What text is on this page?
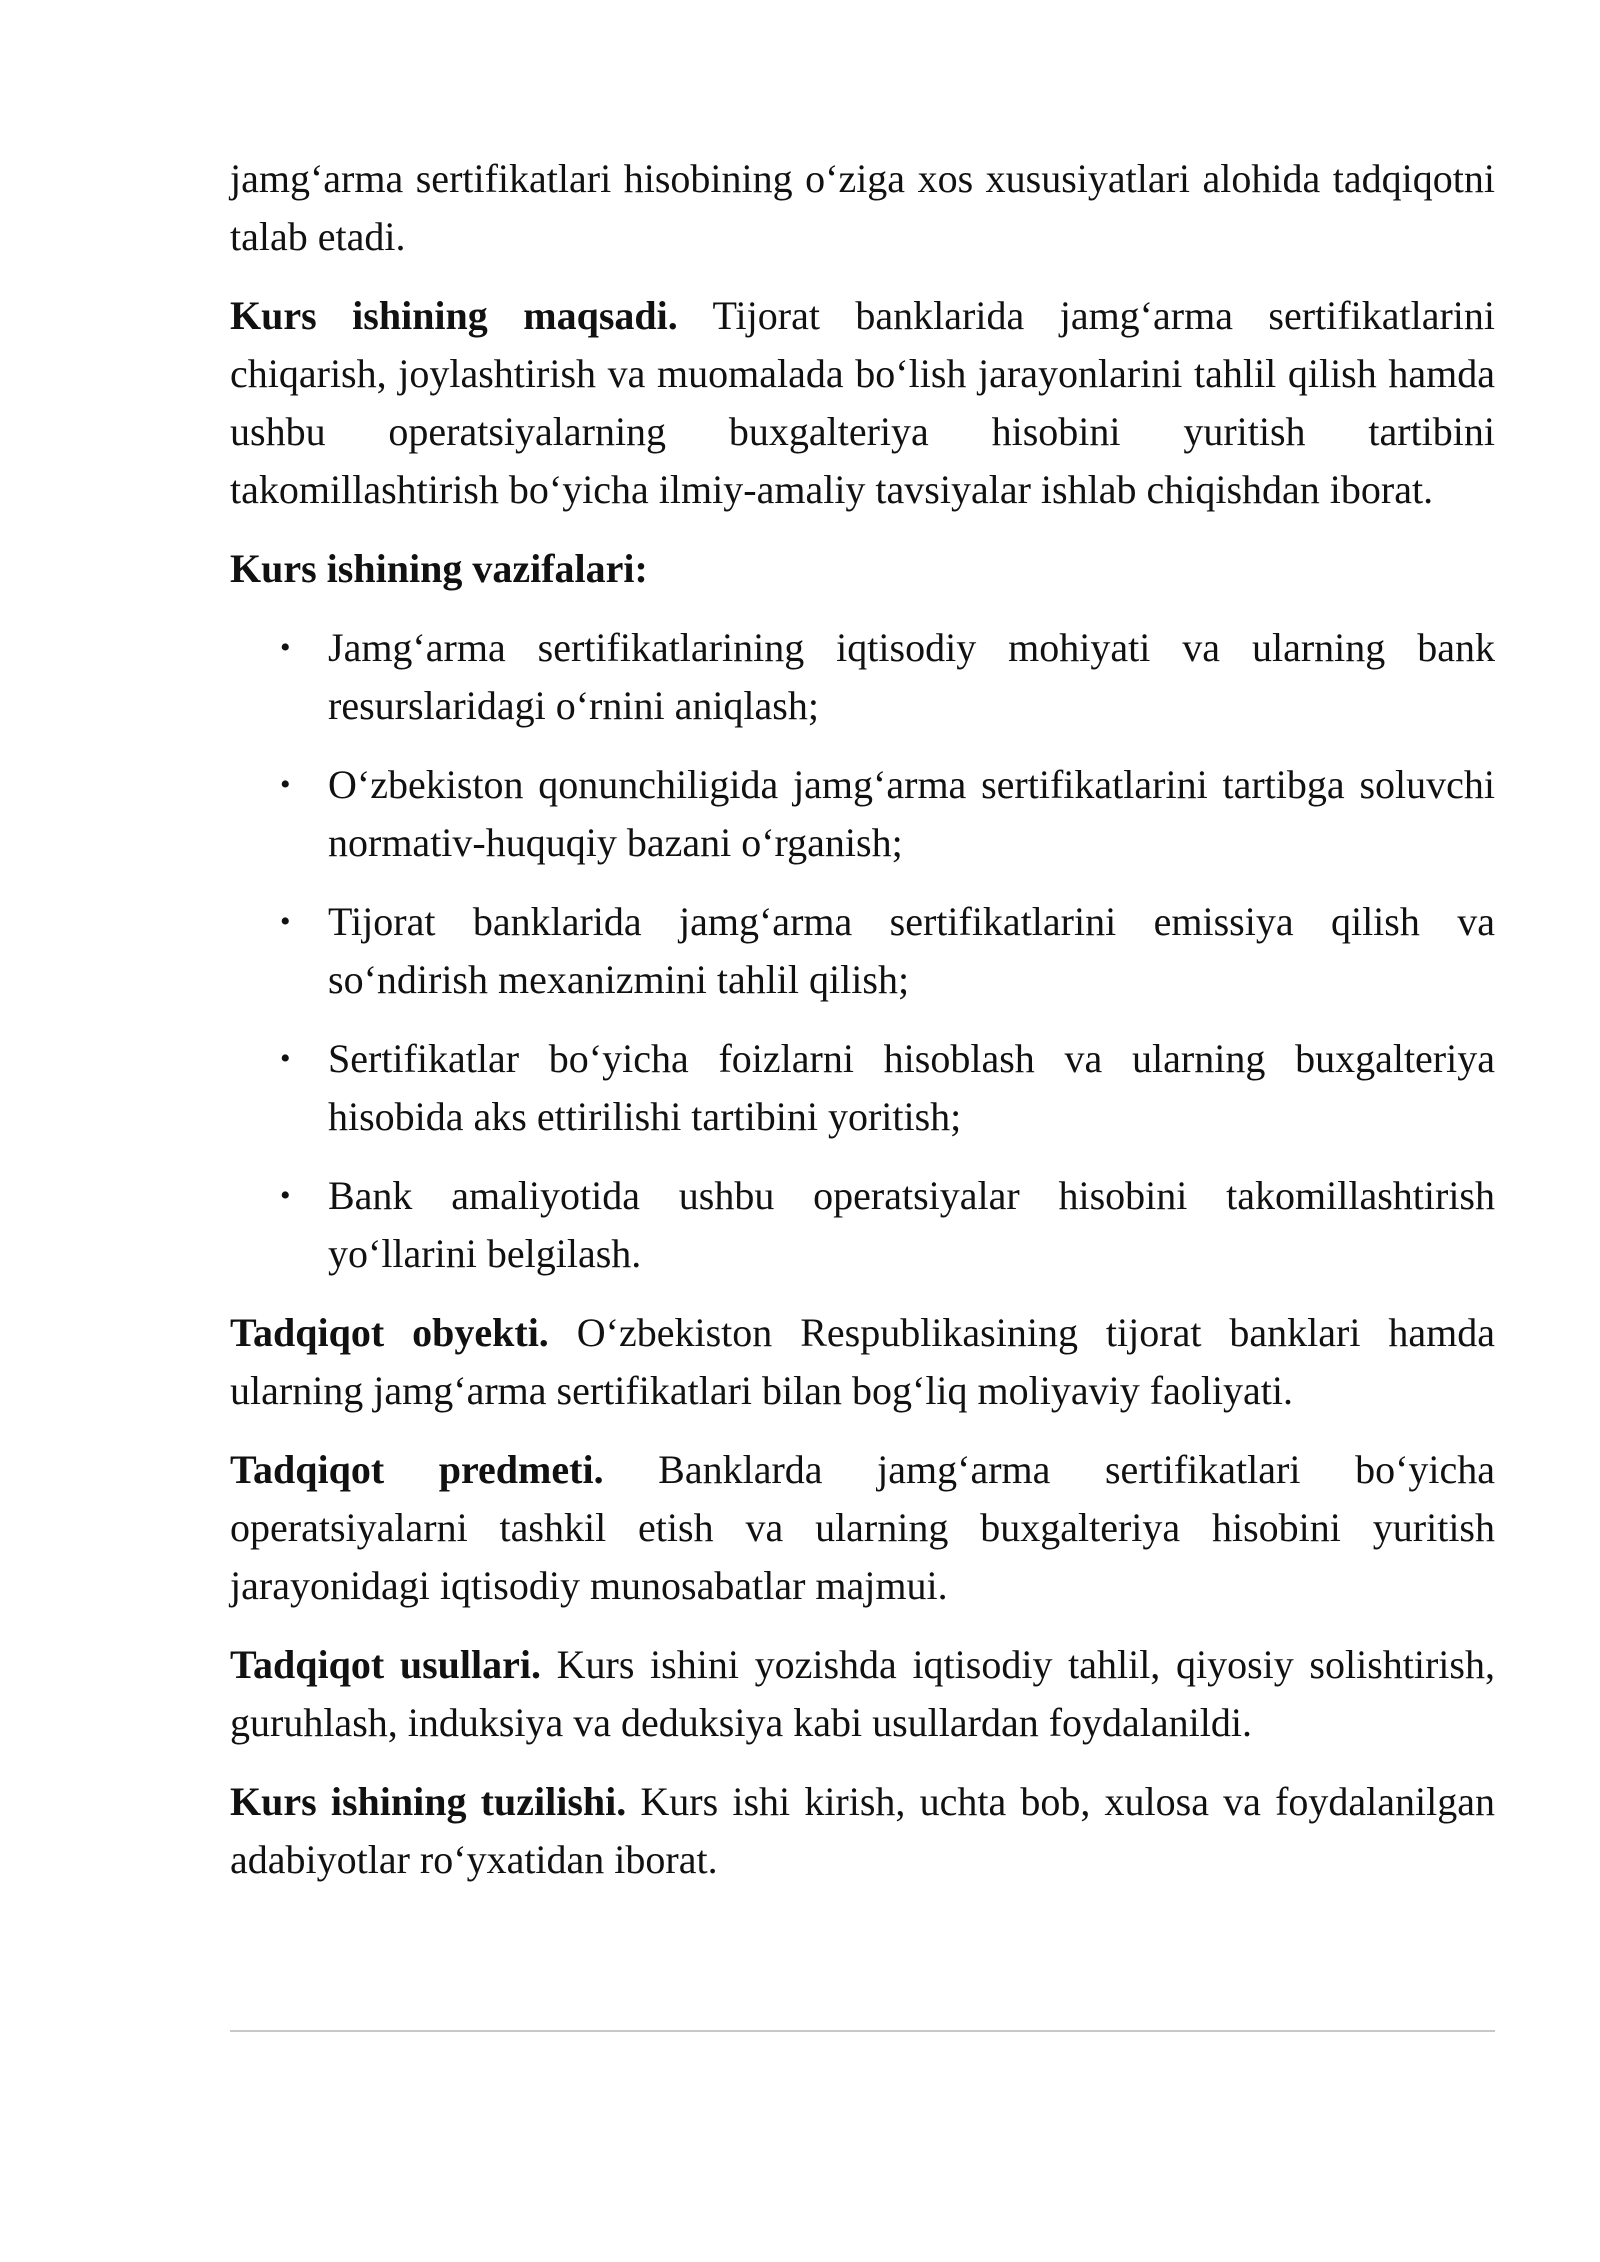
jamg‘arma sertifikatlari hisobining o‘ziga xos xususiyatlari alohida tadqiqotni talab etadi.

Kurs ishining maqsadi. Tijorat banklarida jamg‘arma sertifikatlarini chiqarish, joylashtirish va muomalada bo‘lish jarayonlarini tahlil qilish hamda ushbu operatsiyalarning buxgalteriya hisobini yuritish tartibini takomillashtirish bo‘yicha ilmiy-amaliy tavsiyalar ishlab chiqishdan iborat.

Kurs ishining vazifalari:
• Jamg‘arma sertifikatlarining iqtisodiy mohiyati va ularning bank resurslaridagi o‘rnini aniqlash;
• O‘zbekiston qonunchiligida jamg‘arma sertifikatlarini tartibga soluvchi normativ-huquqiy bazani o‘rganish;
• Tijorat banklarida jamg‘arma sertifikatlarini emissiya qilish va so‘ndirish mexanizmini tahlil qilish;
• Sertifikatlar bo‘yicha foizlarni hisoblash va ularning buxgalteriya hisobida aks ettirilishi tartibini yoritish;
• Bank amaliyotida ushbu operatsiyalar hisobini takomillashtirish yo‘llarini belgilash.

Tadqiqot obyekti. O‘zbekiston Respublikasining tijorat banklari hamda ularning jamg‘arma sertifikatlari bilan bog‘liq moliyaviy faoliyati.

Tadqiqot predmeti. Banklarda jamg‘arma sertifikatlari bo‘yicha operatsiyalarni tashkil etish va ularning buxgalteriya hisobini yuritish jarayonidagi iqtisodiy munosabatlar majmui.

Tadqiqot usullari. Kurs ishini yozishda iqtisodiy tahlil, qiyosiy solishtirish, guruhlash, induksiya va deduksiya kabi usullardan foydalanildi.

Kurs ishining tuzilishi. Kurs ishi kirish, uchta bob, xulosa va foydalanilgan adabiyotlar ro‘yxatidan iborat.
